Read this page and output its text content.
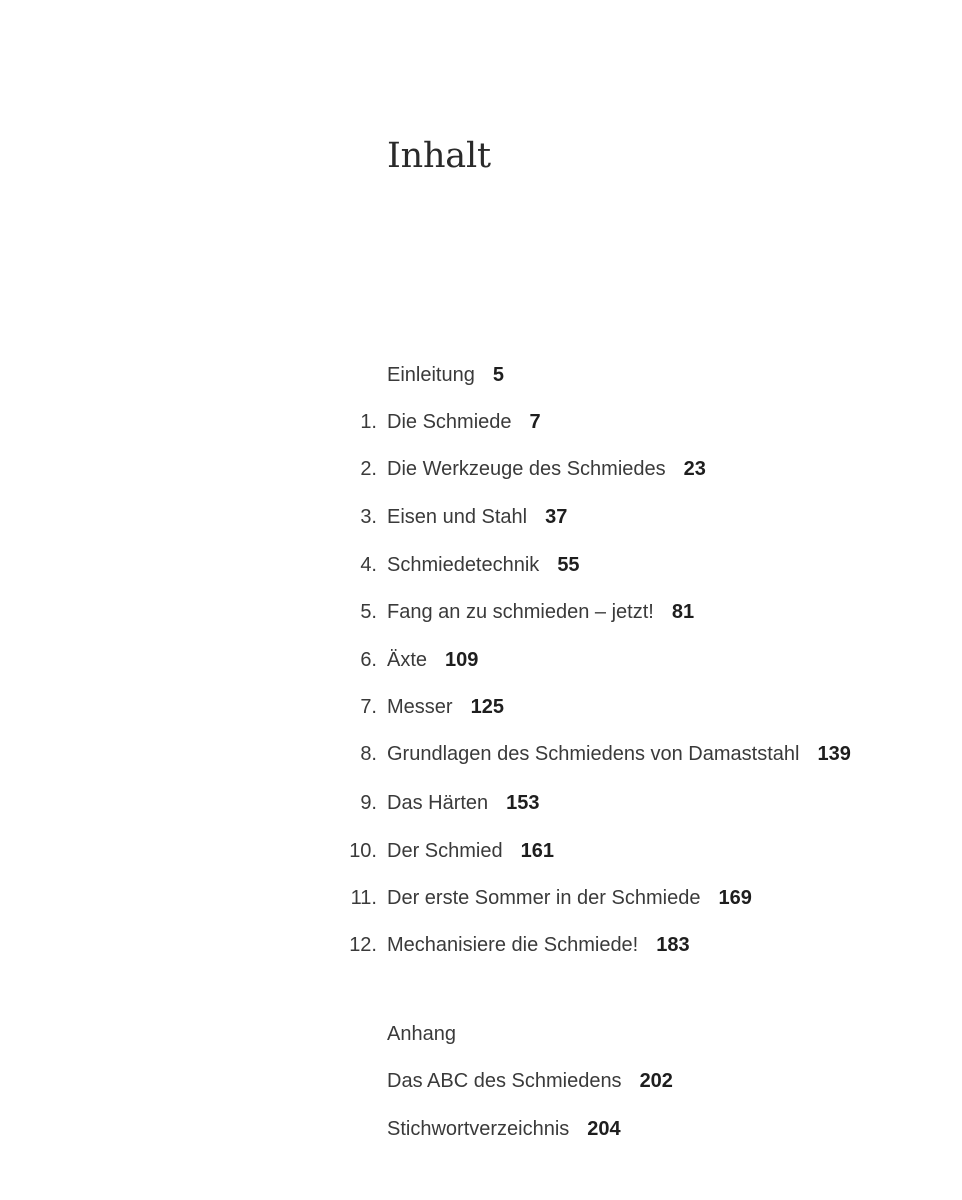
Inhalt
Einleitung 5
1. Die Schmiede 7
2. Die Werkzeuge des Schmiedes 23
3. Eisen und Stahl 37
4. Schmiedetechnik 55
5. Fang an zu schmieden – jetzt! 81
6. Äxte 109
7. Messer 125
8. Grundlagen des Schmiedens von Damaststahl 139
9. Das Härten 153
10. Der Schmied 161
11. Der erste Sommer in der Schmiede 169
12. Mechanisiere die Schmiede! 183
Anhang
Das ABC des Schmiedens 202
Stichwortverzeichnis 204
